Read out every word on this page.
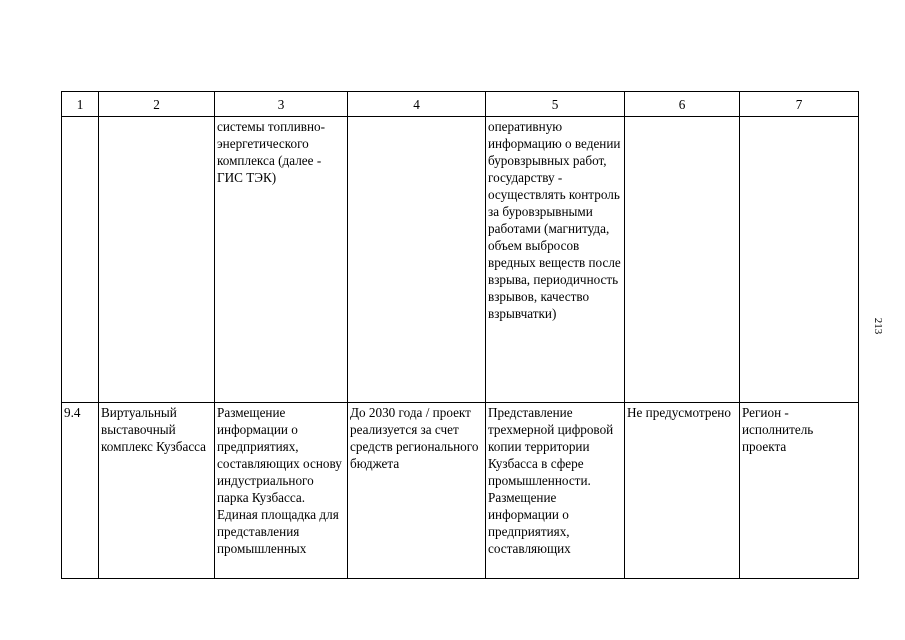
1	2	3	4	5	6	7
		системы топливно-энергетического комплекса (далее - ГИС ТЭК)		оперативную информацию о ведении буровзрывных работ, государству - осуществлять контроль за буровзрывными работами (магнитуда, объем выбросов вредных веществ после взрыва, периодичность взрывов, качество взрывчатки)		
9.4	Виртуальный выставочный комплекс Кузбасса	Размещение информации о предприятиях, составляющих основу индустриального парка Кузбасса. Единая площадка для представления промышленных	До 2030 года / проект реализуется за счет средств регионального бюджета	Представление трехмерной цифровой копии территории Кузбасса в сфере промышленности. Размещение информации о предприятиях, составляющих	Не предусмотрено	Регион - исполнитель проекта
213
